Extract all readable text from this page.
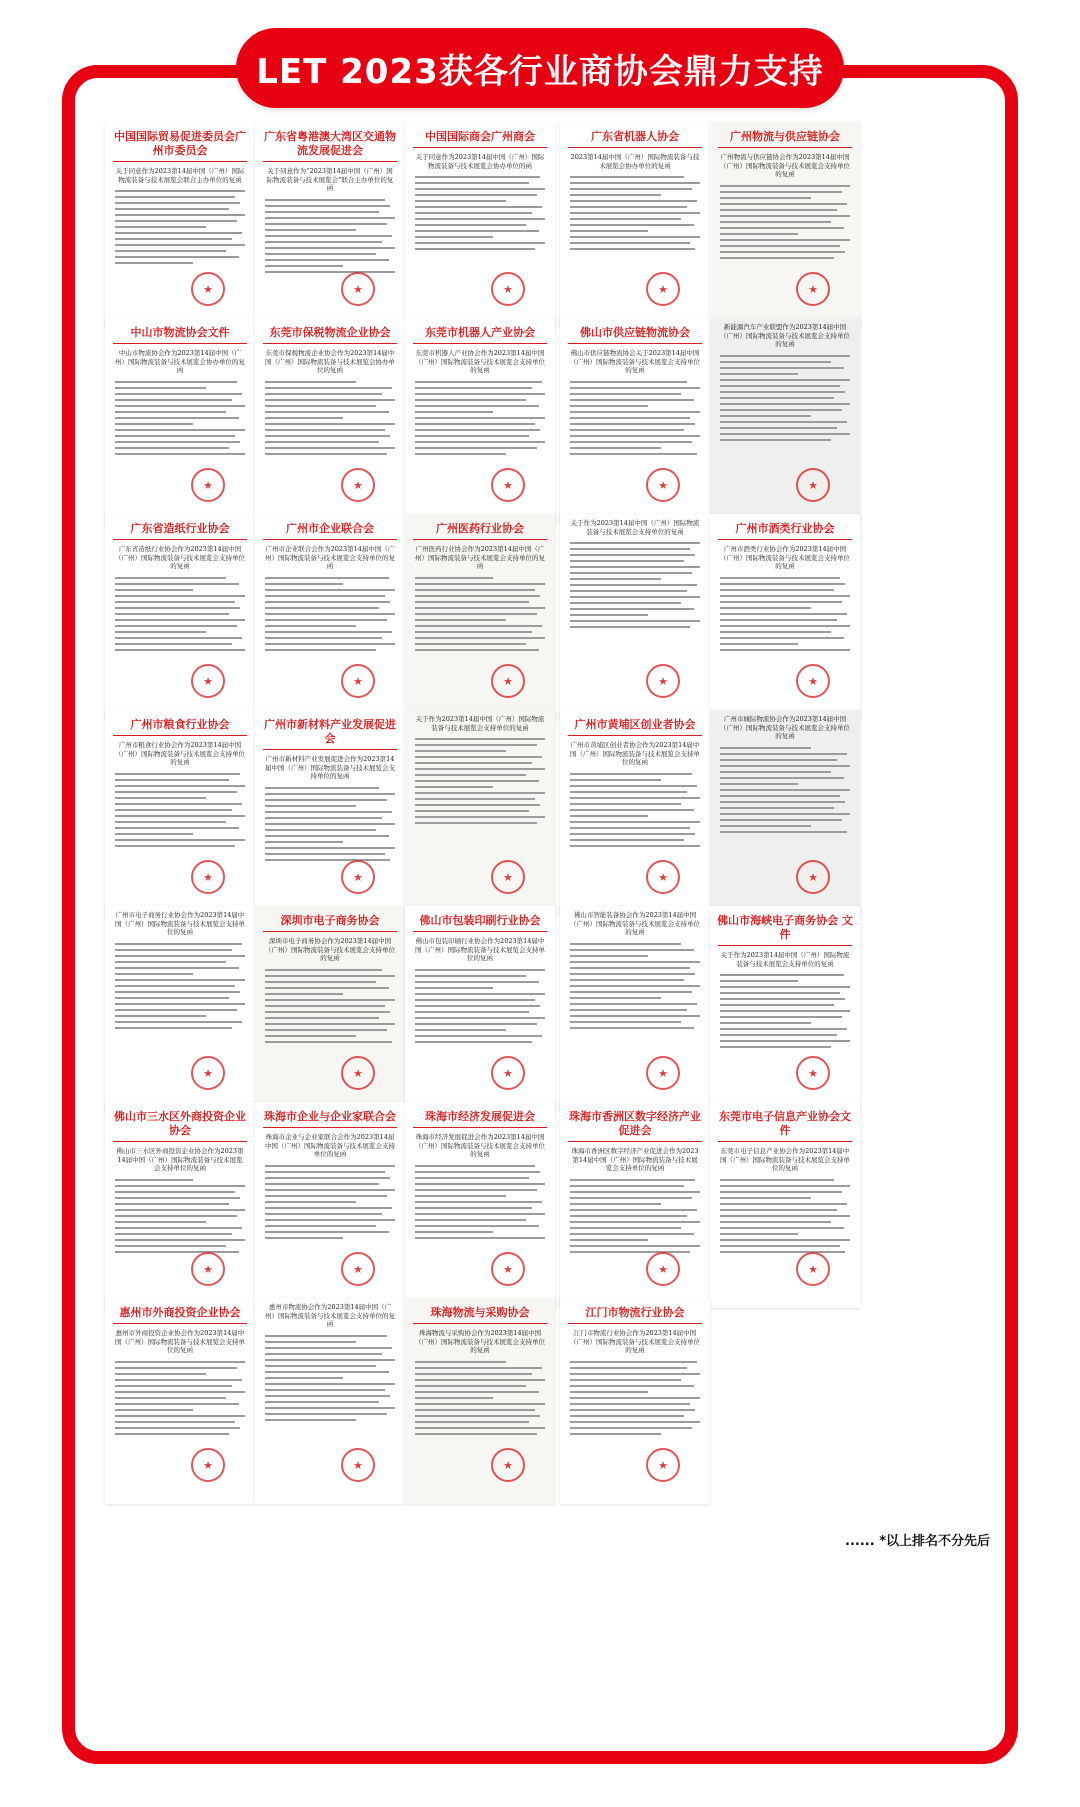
LET 2023获各行业商协会鼎力支持
中国国际贸易促进委员会广州市委员会
关于同意作为2023第14届中国（广州）国际物流装备与技术展览会联合主办单位的复函
★
广东省粤港澳大湾区交通物流发展促进会
关于同意作为“2023第14届中国（广州）国际物流装备与技术展览会”联合主办单位的复函
★
中国国际商会广州商会
关于同意作为2023第14届中国（广州）国际物流装备与技术展览会协办单位的函
★
广东省机器人协会
2023第14届中国（广州）国际物流装备与技术展览会协办单位的复函
★
广州物流与供应链协会
广州物流与供应链协会作为2023第14届中国（广州）国际物流装备与技术展览会支持单位的复函
★
中山市物流协会文件
中山市物流协会作为2023第14届中国（广州）国际物流装备与技术展览会协办单位的复函
★
东莞市保税物流企业协会
东莞市保税物流企业协会作为2023第14届中国（广州）国际物流装备与技术展览会协办单位的复函
★
东莞市机器人产业协会
东莞市机器人产业协会作为2023第14届中国（广州）国际物流装备与技术展览会支持单位的复函
★
佛山市供应链物流协会
佛山市供应链物流协会关于2023第14届中国（广州）国际物流装备与技术展览会支持单位的复函
★
新能源汽车产业联盟作为2023第14届中国（广州）国际物流装备与技术展览会支持单位的复函
★
广东省造纸行业协会
广东省造纸行业协会作为2023第14届中国（广州）国际物流装备与技术展览会支持单位的复函
★
广州市企业联合会
广州市企业联合会作为2023第14届中国（广州）国际物流装备与技术展览会支持单位的复函
★
广州医药行业协会
广州医药行业协会作为2023第14届中国（广州）国际物流装备与技术展览会支持单位的复函
★
关于作为2023第14届中国（广州）国际物流装备与技术展览会支持单位的复函
★
广州市酒类行业协会
广州市酒类行业协会作为2023第14届中国（广州）国际物流装备与技术展览会支持单位的复函
★
广州市粮食行业协会
广州市粮食行业协会作为2023第14届中国（广州）国际物流装备与技术展览会支持单位的复函
★
广州市新材料产业发展促进会
广州市新材料产业发展促进会作为2023第14届中国（广州）国际物流装备与技术展览会支持单位的复函
★
关于作为2023第14届中国（广州）国际物流装备与技术展览会支持单位的复函
★
广州市黄埔区创业者协会
广州市黄埔区创业者协会作为2023第14届中国（广州）国际物流装备与技术展览会支持单位的复函
★
广州市城际物流协会作为2023第14届中国（广州）国际物流装备与技术展览会支持单位的复函
★
广州市电子商务行业协会作为2023第14届中国（广州）国际物流装备与技术展览会支持单位的复函
★
深圳市电子商务协会
深圳市电子商务协会作为2023第14届中国（广州）国际物流装备与技术展览会支持单位的复函
★
佛山市包装印刷行业协会
佛山市包装印刷行业协会作为2023第14届中国（广州）国际物流装备与技术展览会支持单位的复函
★
佛山市智能装备协会作为2023第14届中国（广州）国际物流装备与技术展览会支持单位的复函
★
佛山市海峡电子商务协会 文件
关于作为2023第14届中国（广州）国际物流装备与技术展览会支持单位的复函
★
佛山市三水区外商投资企业协会
佛山市三水区外商投资企业协会作为2023第14届中国（广州）国际物流装备与技术展览会支持单位的复函
★
珠海市企业与企业家联合会
珠海市企业与企业家联合会作为2023第14届中国（广州）国际物流装备与技术展览会支持单位的复函
★
珠海市经济发展促进会
珠海市经济发展促进会作为2023第14届中国（广州）国际物流装备与技术展览会支持单位的复函
★
珠海市香洲区数字经济产业促进会
珠海市香洲区数字经济产业促进会作为2023第14届中国（广州）国际物流装备与技术展览会支持单位的复函
★
东莞市电子信息产业协会文件
东莞市电子信息产业协会作为2023第14届中国（广州）国际物流装备与技术展览会支持单位的复函
★
惠州市外商投资企业协会
惠州市外商投资企业协会作为2023第14届中国（广州）国际物流装备与技术展览会支持单位的复函
★
惠州市物流协会作为2023第14届中国（广州）国际物流装备与技术展览会支持单位的复函
★
珠海物流与采购协会
珠海物流与采购协会作为2023第14届中国（广州）国际物流装备与技术展览会支持单位的复函
★
江门市物流行业协会
江门市物流行业协会作为2023第14届中国（广州）国际物流装备与技术展览会支持单位的复函
★
...... *以上排名不分先后
